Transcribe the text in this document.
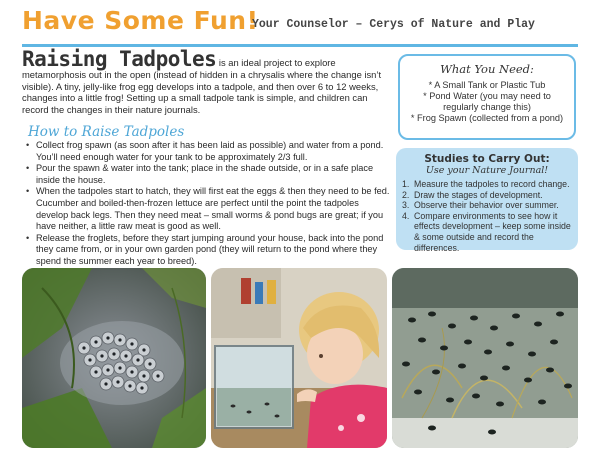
Have Some Fun!
Your Counselor – Cerys of Nature and Play
Raising Tadpoles is an ideal project to explore metamorphosis out in the open (instead of hidden in a chrysalis where the change isn’t visible). A tiny, jelly-like frog egg develops into a tadpole, and then over 6 to 12 weeks, changes into a little frog! Setting up a small tadpole tank is simple, and children can record the changes in their nature journals.
How to Raise Tadpoles
• Collect frog spawn (as soon after it has been laid as possible) and water from a pond. You’ll need enough water for your tank to be approximately 2/3 full.
• Pour the spawn & water into the tank; place in the shade outside, or in a safe place inside the house.
• When the tadpoles start to hatch, they will first eat the eggs & then they need to be fed. Cucumber and boiled-then-frozen lettuce are perfect until the point the tadpoles develop back legs. Then they need meat – small worms & pond bugs are great; if you have neither, a little raw meat is good as well.
• Release the froglets, before they start jumping around your house, back into the pond they came from, or in your own garden pond (they will return to the pond where they spend the summer each year to breed).
What You Need:
* A Small Tank or Plastic Tub
* Pond Water (you may need to regularly change this)
* Frog Spawn (collected from a pond)
Studies to Carry Out:
Use your Nature Journal!
1. Measure the tadpoles to record change.
2. Draw the stages of development.
3. Observe their behavior over summer.
4. Compare environments to see how it effects development – keep some inside & some outside and record the differences.
